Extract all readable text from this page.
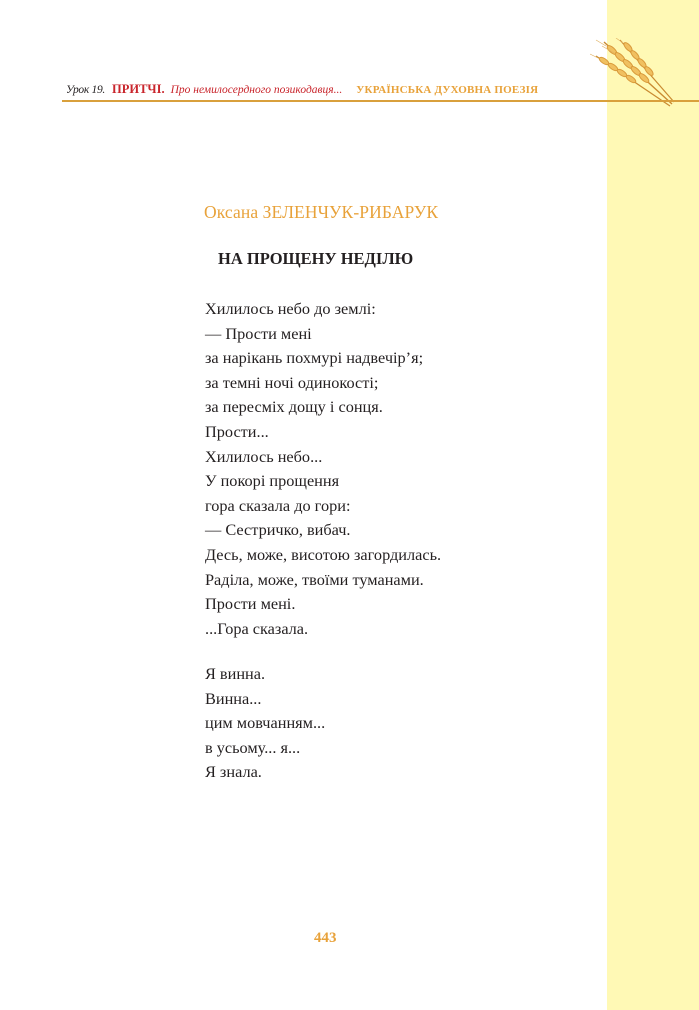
Урок 19. ПРИТЧІ. Про немилосердного позикодавця... УКРАЇНСЬКА ДУХОВНА ПОЕЗІЯ
Оксана ЗЕЛЕНЧУК-РИБАРУК
НА ПРОЩЕНУ НЕДІЛЮ
Хилилось небо до землі:
— Прости мені
за нарікань похмурі надвечір’я;
за темні ночі одинокості;
за пересміх дощу і сонця.
Прости...
Хилилось небо...
У покорі прощення
гора сказала до гори:
— Сестричко, вибач.
Десь, може, висотою загордилась.
Раділа, може, твоїми туманами.
Прости мені.
...Гора сказала.
Я винна.
Винна...
цим мовчанням...
в усьому... я...
Я знала.
443
